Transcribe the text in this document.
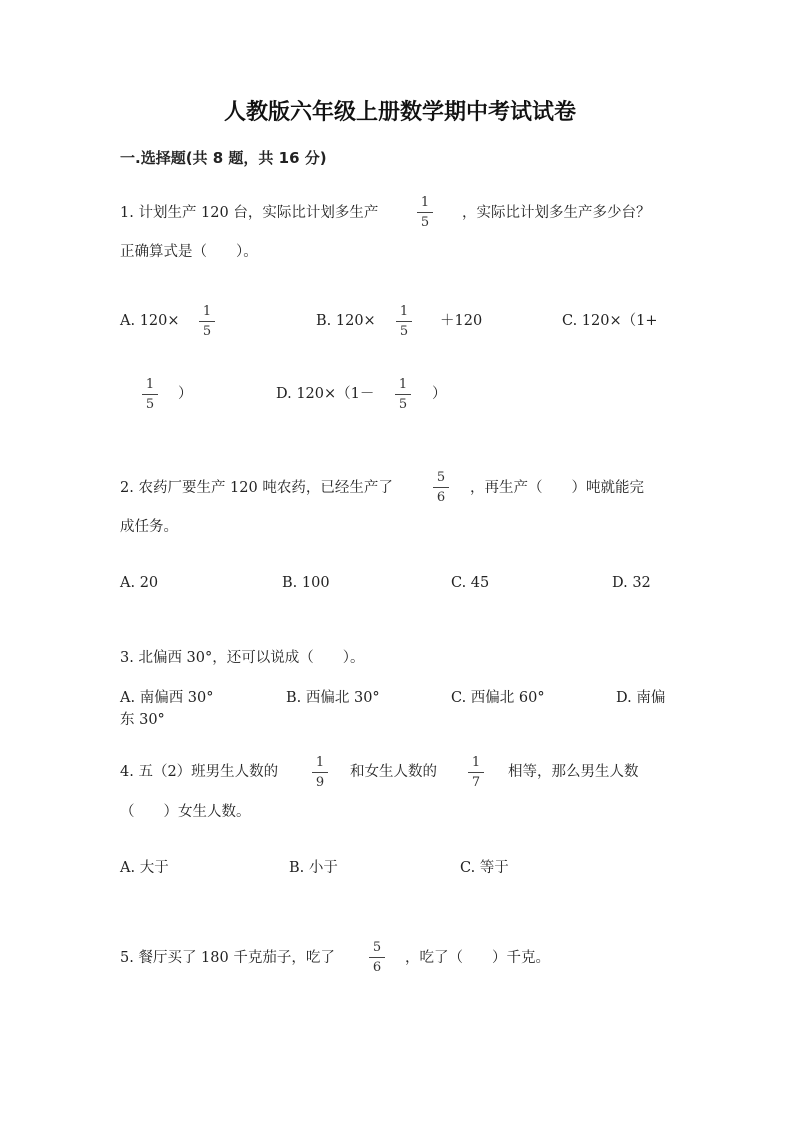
人教版六年级上册数学期中考试试卷
一.选择题(共 8 题，共 16 分)
1. 计划生产 120 台，实际比计划多生产
1
5
，实际比计划多生产多少台？
正确算式是（　　）。
A. 120×
1
5
B. 120×
1
5
＋120	C. 120×（1+
1
5
）	D. 120×（1－
1
5
）
2. 农药厂要生产 120 吨农药，已经生产了
5
6
，再生产（　　）吨就能完
成任务。
A. 20	B. 100	C. 45	D. 32
3. 北偏西 30°，还可以说成（　　）。
A. 南偏西 30°	B. 西偏北 30°	C. 西偏北 60°	D. 南偏
东 30°
4. 五（2）班男生人数的
1
9
和女生人数的
1
7
相等，那么男生人数
（　　）女生人数。
A. 大于	B. 小于	C. 等于
5. 餐厅买了 180 千克茄子，吃了
5
6
，吃了（　　）千克。
